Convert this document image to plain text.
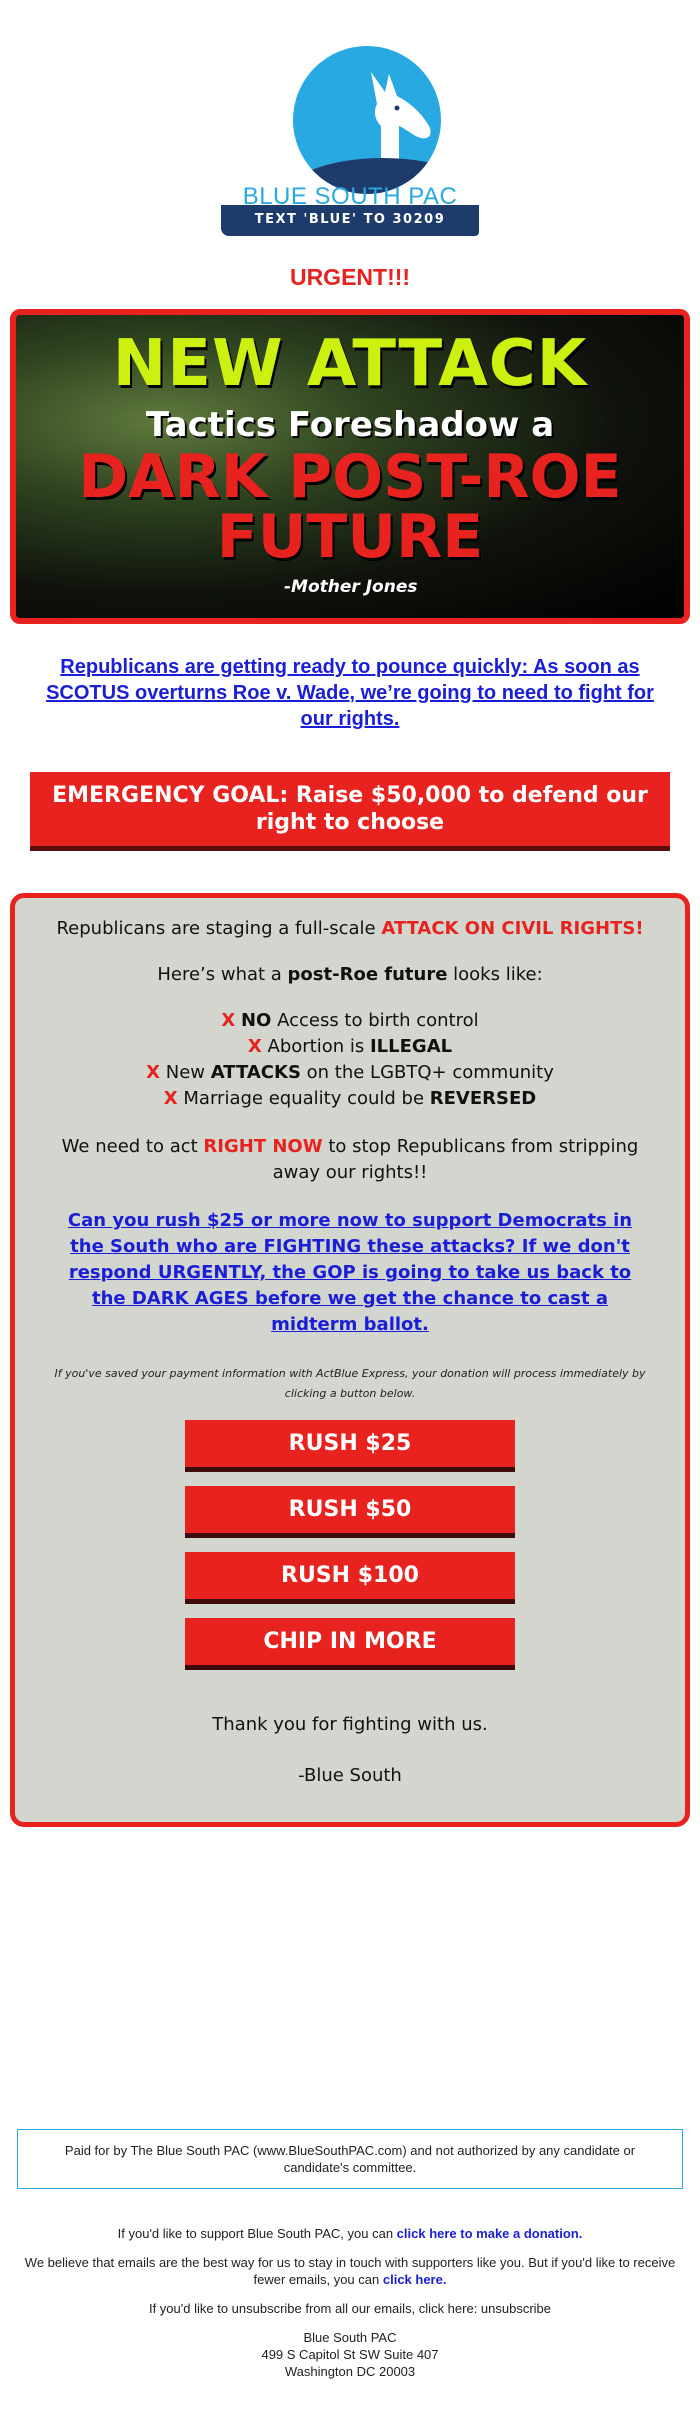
BLUE SOUTH PAC
TEXT 'BLUE' TO 30209
URGENT!!!
NEW ATTACK
Tactics Foreshadow a
DARK POST-ROE
FUTURE
-Mother Jones
Republicans are getting ready to pounce quickly: As soon as SCOTUS overturns Roe v. Wade, we’re going to need to fight for our rights.
EMERGENCY GOAL: Raise $50,000 to defend our right to choose

Republicans are staging a full-scale ATTACK ON CIVIL RIGHTS!

Here’s what a post-Roe future looks like:

X NO Access to birth control
X Abortion is ILLEGAL
X New ATTACKS on the LGBTQ+ community
X Marriage equality could be REVERSED

We need to act RIGHT NOW to stop Republicans from stripping away our rights!!

Can you rush $25 or more now to support Democrats in the South who are FIGHTING these attacks? If we don't respond URGENTLY, the GOP is going to take us back to the DARK AGES before we get the chance to cast a midterm ballot.

If you've saved your payment information with ActBlue Express, your donation will process immediately by clicking a button below.

RUSH $25
RUSH $50
RUSH $100
CHIP IN MORE

Thank you for fighting with us.

-Blue South

Paid for by The Blue South PAC (www.BlueSouthPAC.com) and not authorized by any candidate or candidate's committee.
If you'd like to support Blue South PAC, you can click here to make a donation.
We believe that emails are the best way for us to stay in touch with supporters like you. But if you'd like to receive fewer emails, you can click here.
If you'd like to unsubscribe from all our emails, click here: unsubscribe
Blue South PAC
499 S Capitol St SW Suite 407
Washington DC 20003
